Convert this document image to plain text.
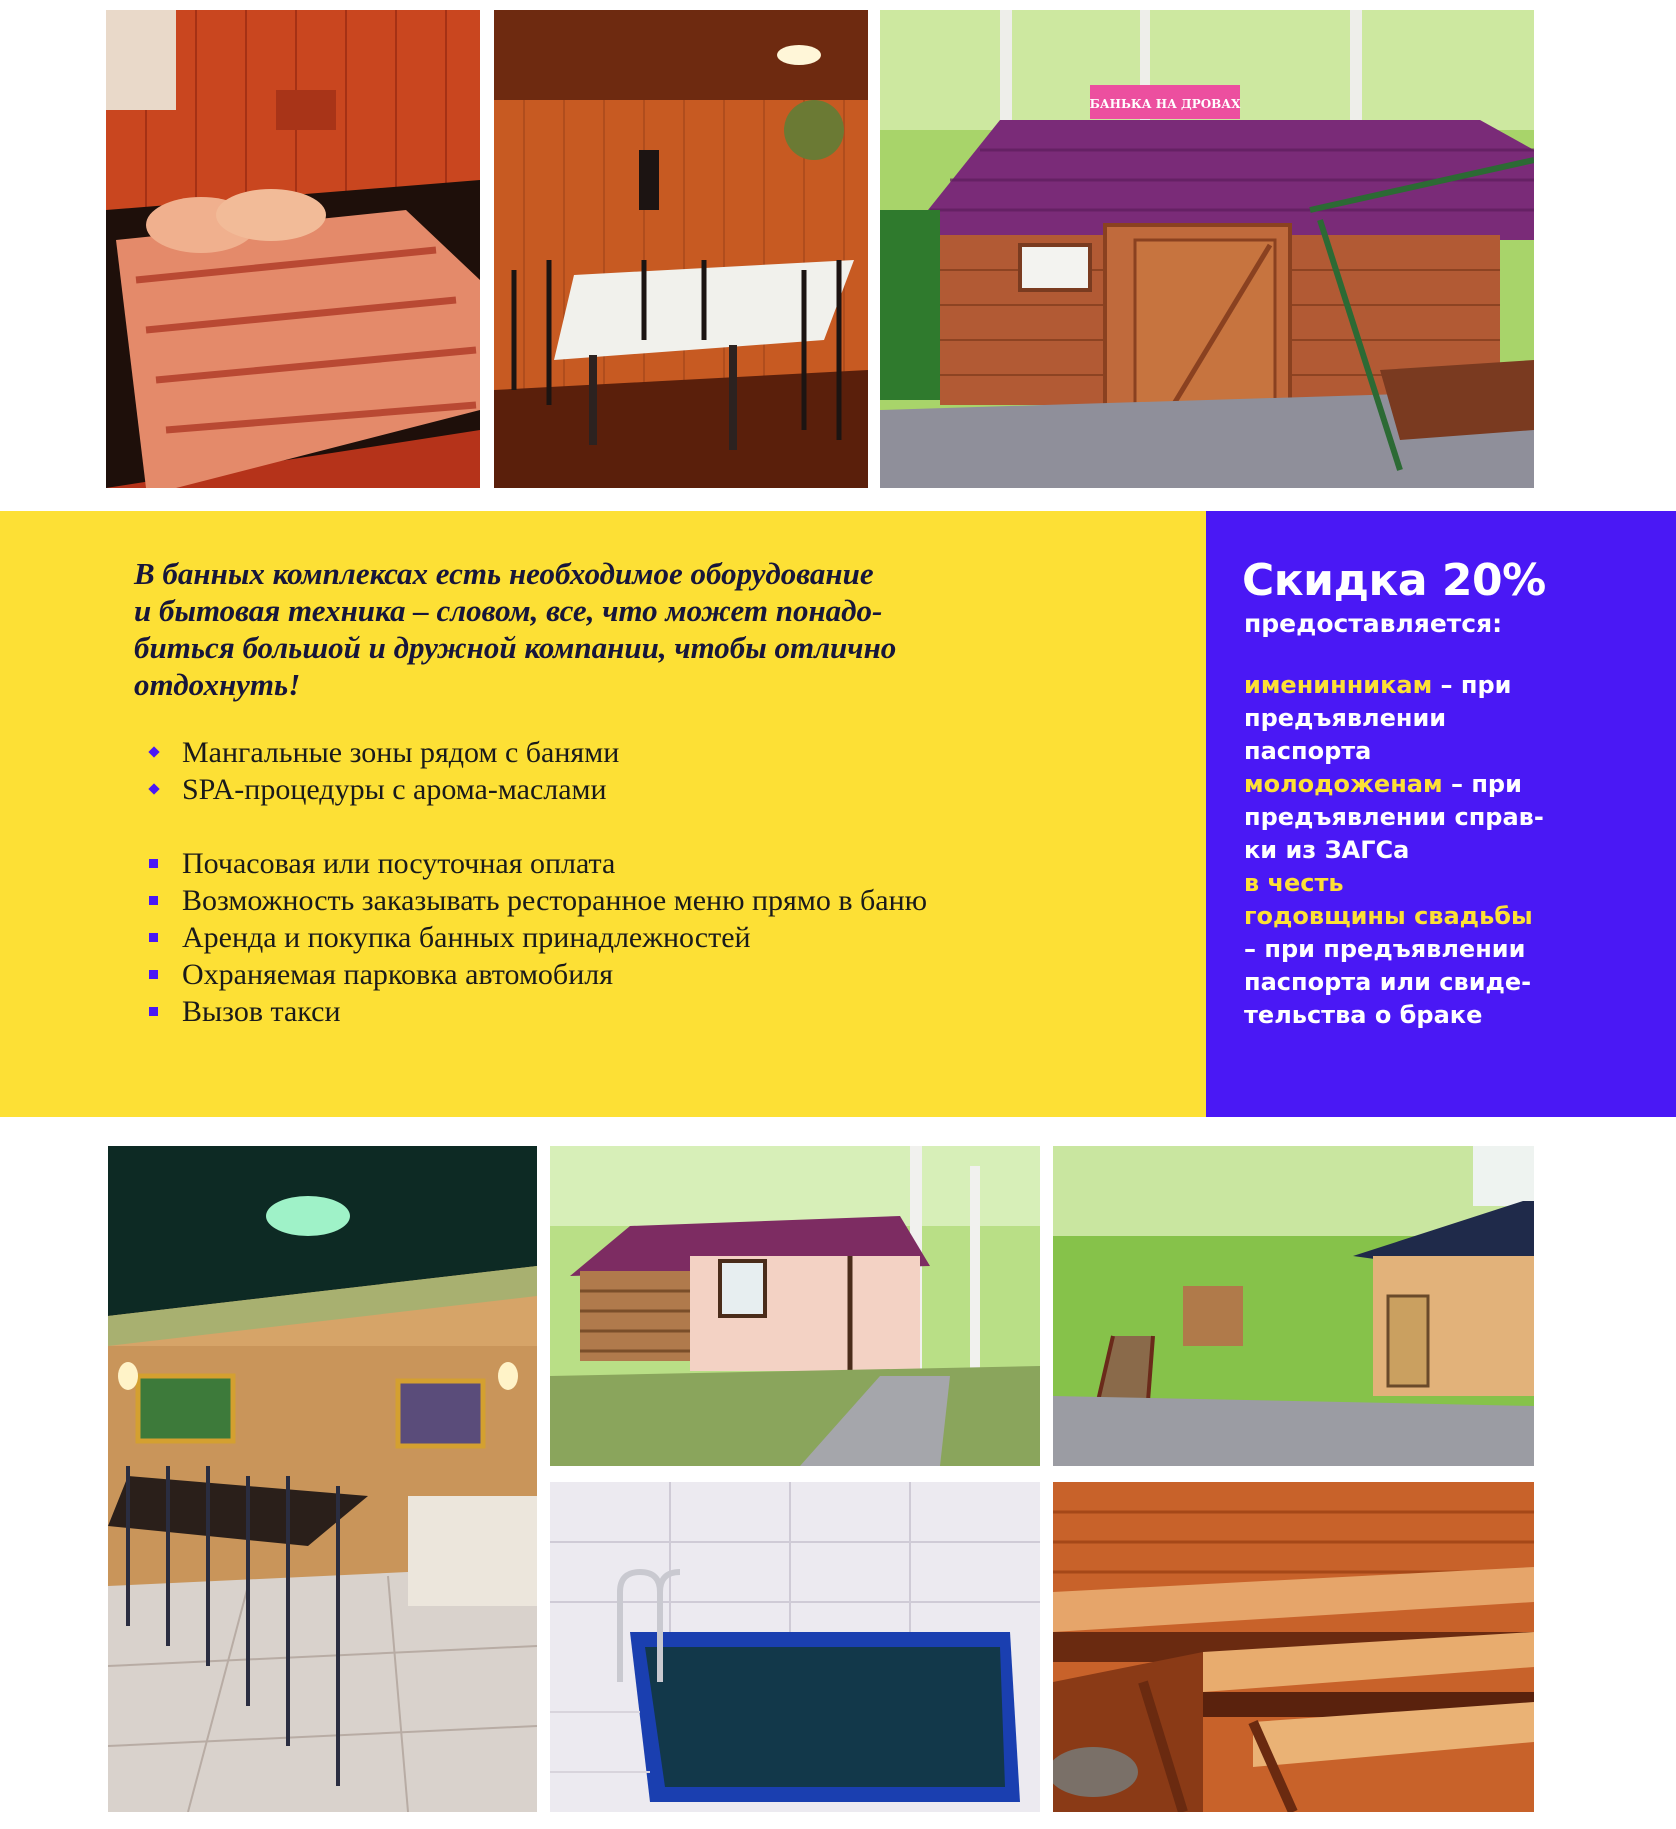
БАНЬКА НА ДРОВАХ

В банных комплексах есть необходимое оборудование
и бытовая техника – словом, все, что может понадо-
биться большой и дружной компании, чтобы отлично
отдохнуть!

Мангальные зоны рядом с банями
SPA-процедуры с арома-маслами
Почасовая или посуточная оплата
Возможность заказывать ресторанное меню прямо в баню
Аренда и покупка банных принадлежностей
Охраняемая парковка автомобиля
Вызов такси
Скидка 20%
предоставляется:
именинникам – при
предъявлении
паспорта
молодоженам – при
предъявлении справ-
ки из ЗАГСа
в честь
годовщины свадьбы
– при предъявлении
паспорта или свиде-
тельства о браке
